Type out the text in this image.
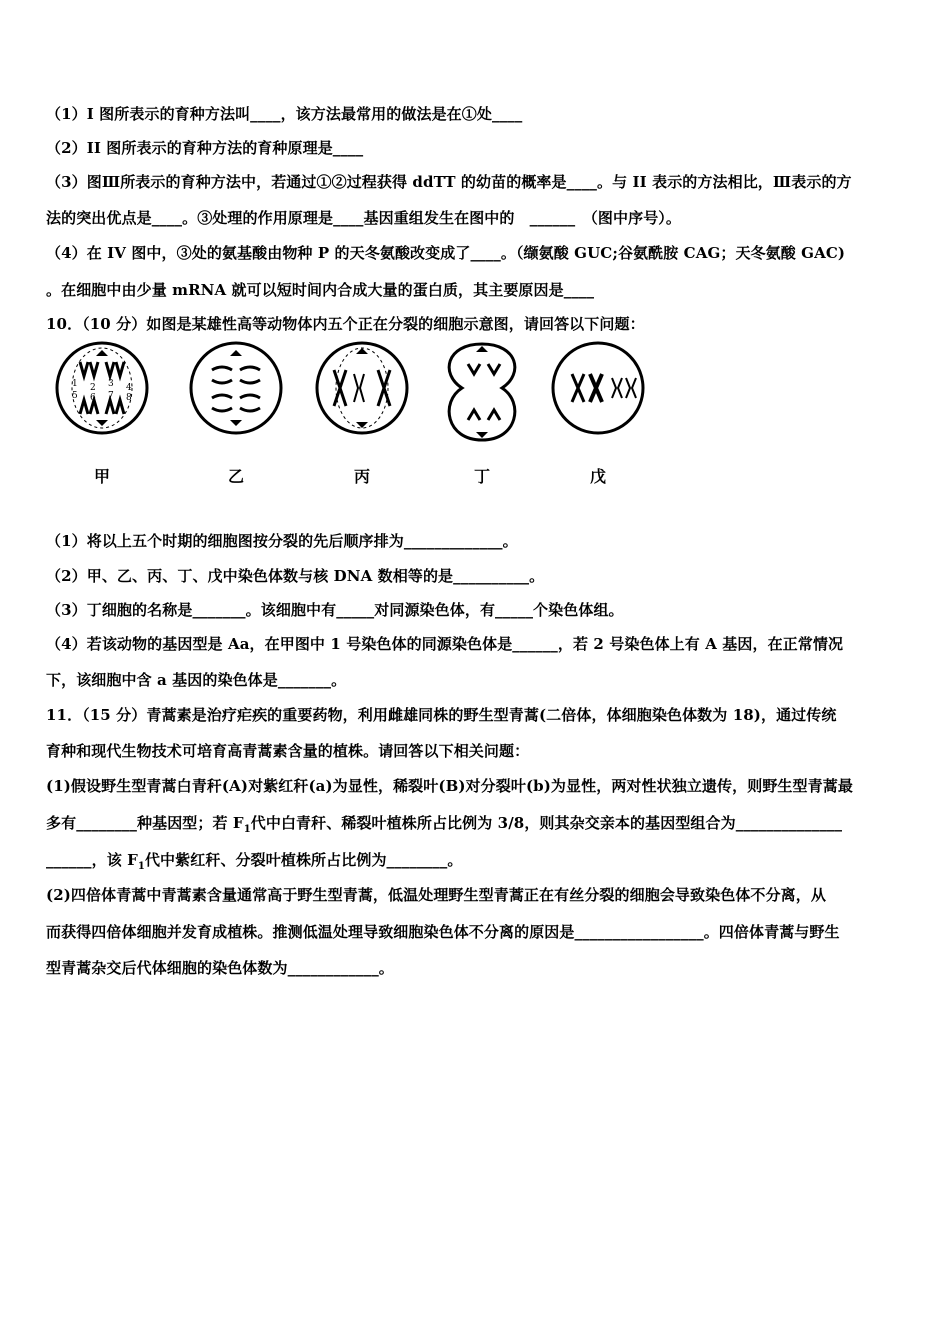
（1）I 图所表示的育种方法叫____，该方法最常用的做法是在①处____
（2）II 图所表示的育种方法的育种原理是____
（3）图Ⅲ所表示的育种方法中，若通过①②过程获得 ddTT 的幼苗的概率是____。与 II 表示的方法相比，Ⅲ表示的方
法的突出优点是____。③处理的作用原理是____基因重组发生在图中的　______　（图中序号）。
（4）在 IV 图中，③处的氨基酸由物种 P 的天冬氨酸改变成了____。（缬氨酸 GUC;谷氨酰胺 CAG；天冬氨酸 GAC)
。在细胞中由少量 mRNA 就可以短时间内合成大量的蛋白质，其主要原因是____
10．（10 分）如图是某雄性高等动物体内五个正在分裂的细胞示意图，请回答以下问题：
1 2
5 6
3 4
7 8
甲	乙	丙	丁	戊
（1）将以上五个时期的细胞图按分裂的先后顺序排为_____________。
（2）甲、乙、丙、丁、戊中染色体数与核 DNA 数相等的是__________。
（3）丁细胞的名称是_______。该细胞中有_____对同源染色体，有_____个染色体组。
（4）若该动物的基因型是 Aa，在甲图中 1 号染色体的同源染色体是______，若 2 号染色体上有 A 基因，在正常情况
下，该细胞中含 a 基因的染色体是_______。
11．（15 分）青蒿素是治疗疟疾的重要药物，利用雌雄同株的野生型青蒿(二倍体，体细胞染色体数为 18)，通过传统
育种和现代生物技术可培育高青蒿素含量的植株。请回答以下相关问题：
(1)假设野生型青蒿白青秆(A)对紫红秆(a)为显性，稀裂叶(B)对分裂叶(b)为显性，两对性状独立遗传，则野生型青蒿最
多有________种基因型；若 $F_1$代中白青秆、稀裂叶植株所占比例为 3/8，则其杂交亲本的基因型组合为______________
______，该 $F_1$代中紫红秆、分裂叶植株所占比例为________。
(2)四倍体青蒿中青蒿素含量通常高于野生型青蒿，低温处理野生型青蒿正在有丝分裂的细胞会导致染色体不分离，从
而获得四倍体细胞并发育成植株。推测低温处理导致细胞染色体不分离的原因是_________________。四倍体青蒿与野生
型青蒿杂交后代体细胞的染色体数为____________。
